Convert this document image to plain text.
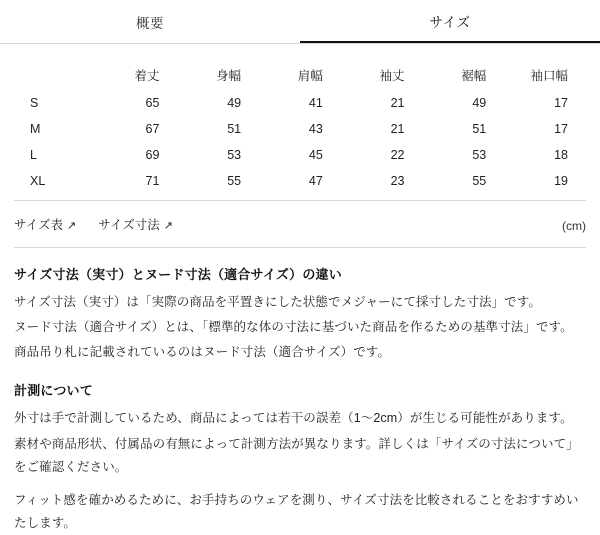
概要	サイズ
	着丈	身幅	肩幅	袖丈	裾幅	袖口幅
S	65	49	41	21	49	17
M	67	51	43	21	51	17
L	69	53	45	22	53	18
XL	71	55	47	23	55	19
サイズ表 ↗ サイズ寸法 ↗	(cm)
サイズ寸法（実寸）とヌード寸法（適合サイズ）の違い

サイズ寸法（実寸）は「実際の商品を平置きにした状態でメジャーにて採寸した寸法」です。

ヌード寸法（適合サイズ）とは、「標準的な体の寸法に基づいた商品を作るための基準寸法」です。

商品吊り札に記載されているのはヌード寸法（適合サイズ）です。

計測について

外寸は手で計測しているため、商品によっては若干の誤差（1〜2cm）が生じる可能性があります。

素材や商品形状、付属品の有無によって計測方法が異なります。詳しくは「サイズの寸法について」をご確認ください。

フィット感を確かめるために、お手持ちのウェアを測り、サイズ寸法を比較されることをおすすめいたします。
